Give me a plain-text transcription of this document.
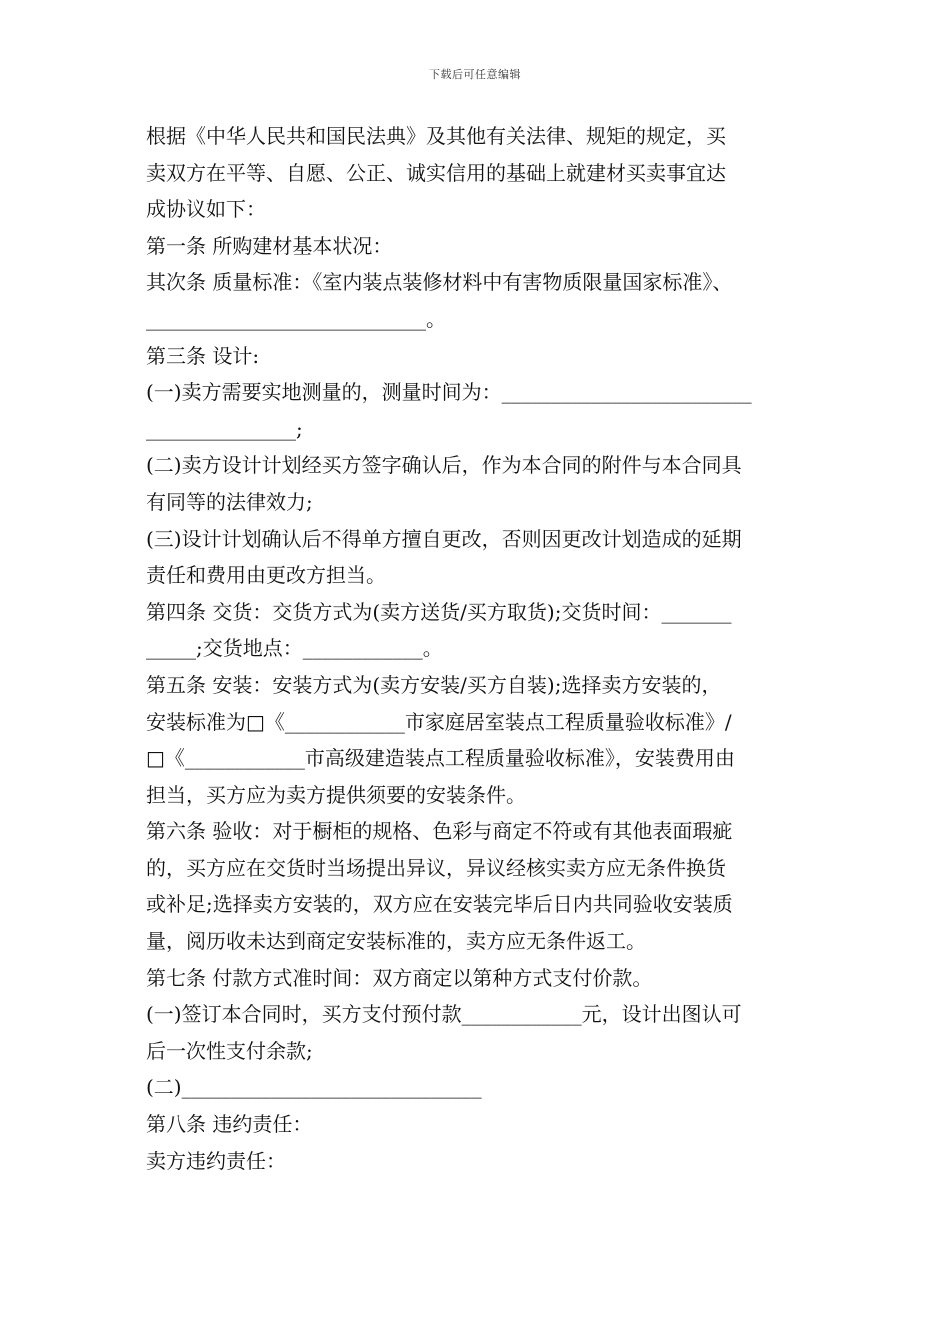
下载后可任意编辑

根据《中华人民共和国民法典》及其他有关法律、规矩的规定，买

卖双方在平等、自愿、公正、诚实信用的基础上就建材买卖事宜达

成协议如下：

第一条 所购建材基本状况：

其次条 质量标准：《室内装点装修材料中有害物质限量国家标准》、

____________________________。

第三条 设计:

(一)卖方需要实地测量的，测量时间为：_________________________

_______________;

(二)卖方设计计划经买方签字确认后，作为本合同的附件与本合同具

有同等的法律效力;

(三)设计计划确认后不得单方擅自更改，否则因更改计划造成的延期

责任和费用由更改方担当。

第四条 交货：交货方式为(卖方送货/买方取货);交货时间：_______

_____;交货地点：____________。

第五条 安装：安装方式为(卖方安装/买方自装);选择卖方安装的，

安装标准为□《____________市家庭居室装点工程质量验收标准》/

□《____________市高级建造装点工程质量验收标准》，安装费用由

担当，买方应为卖方提供须要的安装条件。

第六条 验收：对于橱柜的规格、色彩与商定不符或有其他表面瑕疵

的，买方应在交货时当场提出异议，异议经核实卖方应无条件换货

或补足;选择卖方安装的，双方应在安装完毕后日内共同验收安装质

量，阅历收未达到商定安装标准的，卖方应无条件返工。

第七条 付款方式准时间：双方商定以第种方式支付价款。

(一)签订本合同时，买方支付预付款____________元，设计出图认可

后一次性支付余款;

(二)______________________________

第八条 违约责任：

卖方违约责任：
